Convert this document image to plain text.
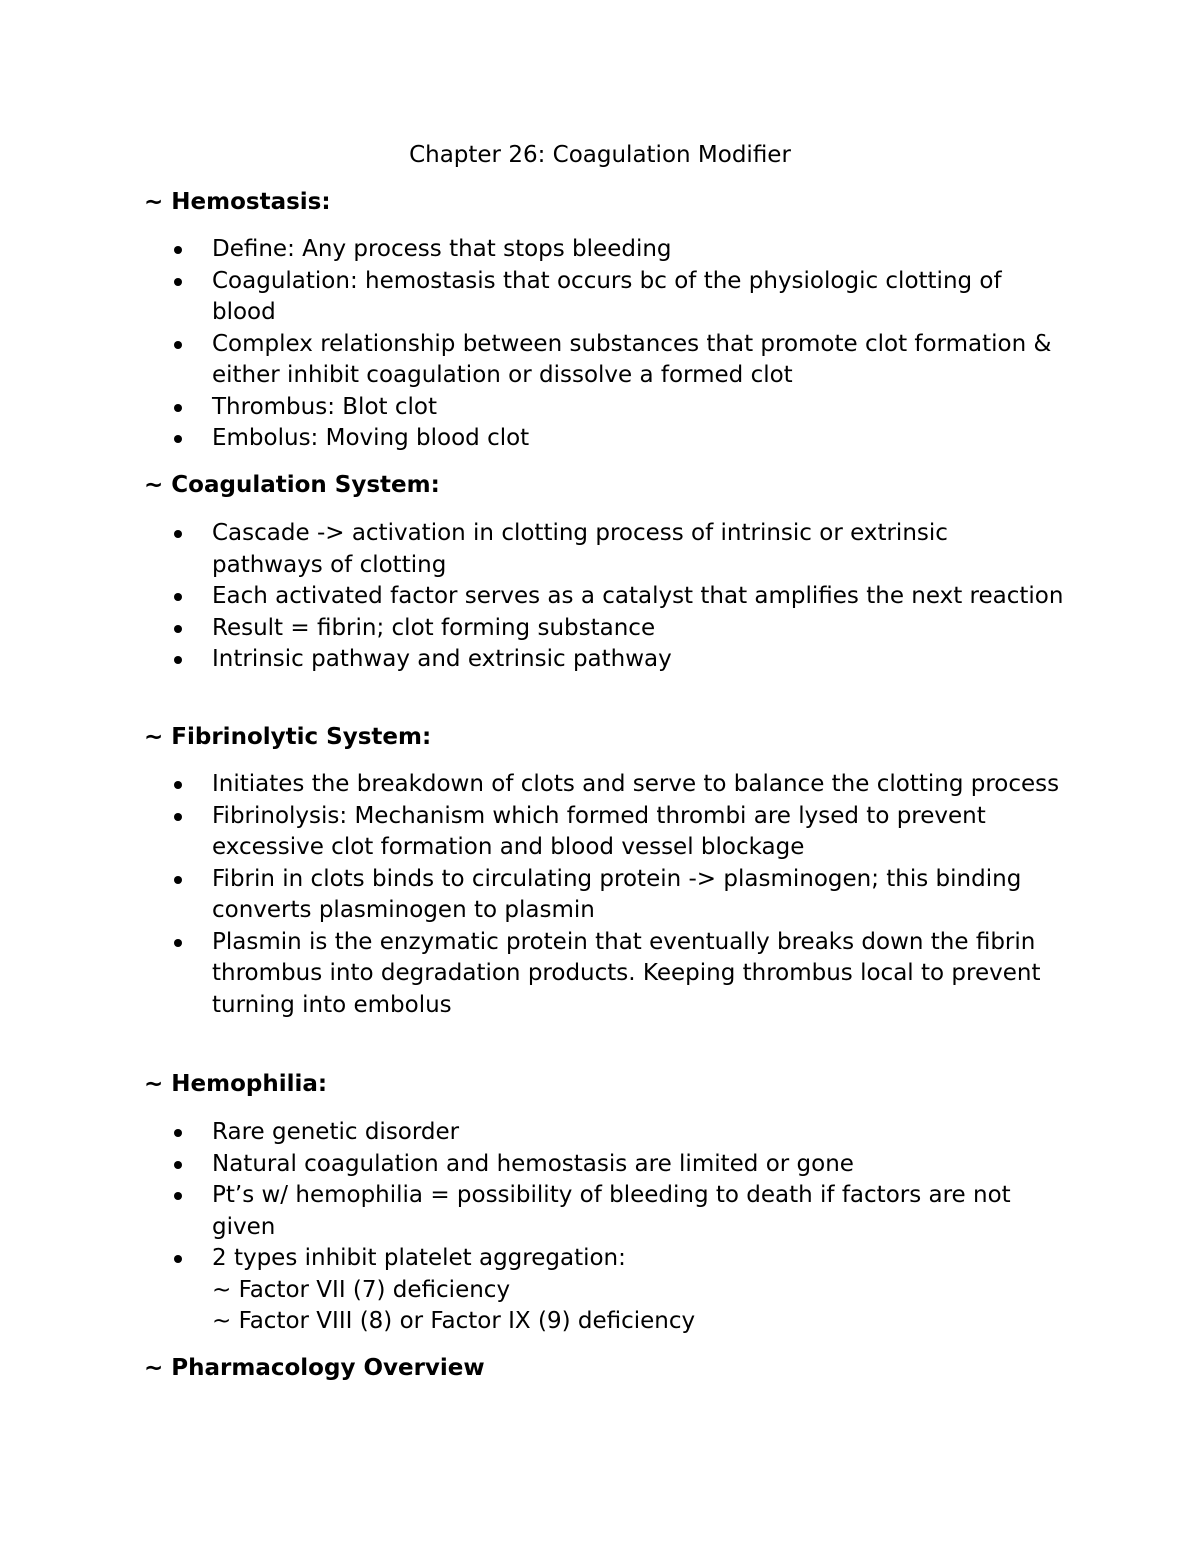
Chapter 26: Coagulation Modifier
~ Hemostasis:
Define: Any process that stops bleeding
Coagulation: hemostasis that occurs bc of the physiologic clotting of blood
Complex relationship between substances that promote clot formation & either inhibit coagulation or dissolve a formed clot
Thrombus: Blot clot
Embolus: Moving blood clot
~ Coagulation System:
Cascade -> activation in clotting process of intrinsic or extrinsic pathways of clotting
Each activated factor serves as a catalyst that amplifies the next reaction
Result = fibrin; clot forming substance
Intrinsic pathway and extrinsic pathway
~ Fibrinolytic System:
Initiates the breakdown of clots and serve to balance the clotting process
Fibrinolysis: Mechanism which formed thrombi are lysed to prevent excessive clot formation and blood vessel blockage
Fibrin in clots binds to circulating protein -> plasminogen; this binding converts plasminogen to plasmin
Plasmin is the enzymatic protein that eventually breaks down the fibrin thrombus into degradation products. Keeping thrombus local to prevent turning into embolus
~ Hemophilia:
Rare genetic disorder
Natural coagulation and hemostasis are limited or gone
Pt’s w/ hemophilia = possibility of bleeding to death if factors are not given
2 types inhibit platelet aggregation:
~ Factor VII (7) deficiency
~ Factor VIII (8) or Factor IX (9) deficiency
~ Pharmacology Overview
